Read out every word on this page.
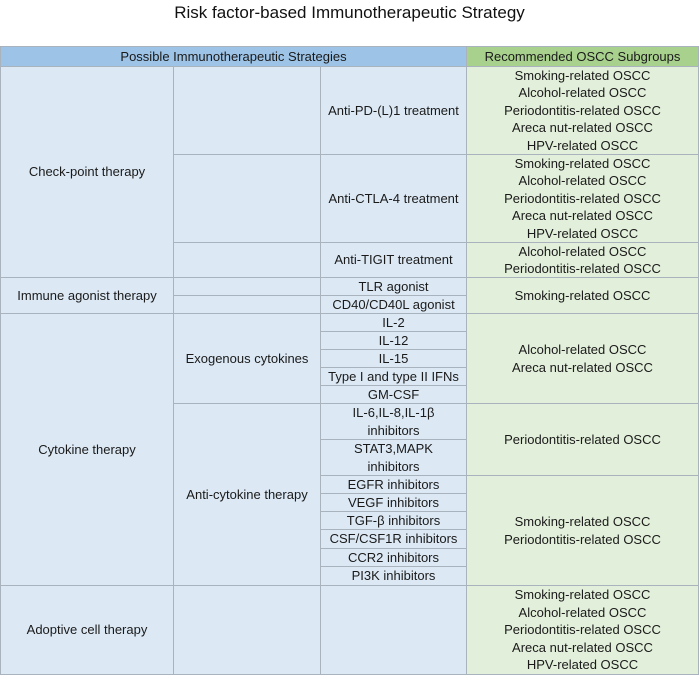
Risk factor-based Immunotherapeutic Strategy
Possible Immunotherapeutic Strategies	Recommended OSCC Subgroups
Check-point therapy
Anti-PD-(L)1 treatment
Anti-CTLA-4 treatment
Anti-TIGIT treatment
Smoking-related OSCC
Alcohol-related OSCC
Periodontitis-related OSCC
Areca nut-related OSCC
HPV-related OSCC
Smoking-related OSCC
Alcohol-related OSCC
Periodontitis-related OSCC
Areca nut-related OSCC
HPV-related OSCC
Alcohol-related OSCC
Periodontitis-related OSCC
Immune agonist therapy
TLR agonist
CD40/CD40L agonist
Smoking-related OSCC
Cytokine therapy
Exogenous cytokines
Anti-cytokine therapy
IL-2
IL-12
IL-15
Type I and type II IFNs
GM-CSF
IL-6,IL-8,IL-1β inhibitors
STAT3,MAPK inhibitors
EGFR inhibitors
VEGF inhibitors
TGF-β inhibitors
CSF/CSF1R inhibitors
CCR2 inhibitors
PI3K inhibitors
Alcohol-related OSCC
Areca nut-related OSCC
Periodontitis-related OSCC
Smoking-related OSCC
Periodontitis-related OSCC
Adoptive cell therapy
Smoking-related OSCC
Alcohol-related OSCC
Periodontitis-related OSCC
Areca nut-related OSCC
HPV-related OSCC
